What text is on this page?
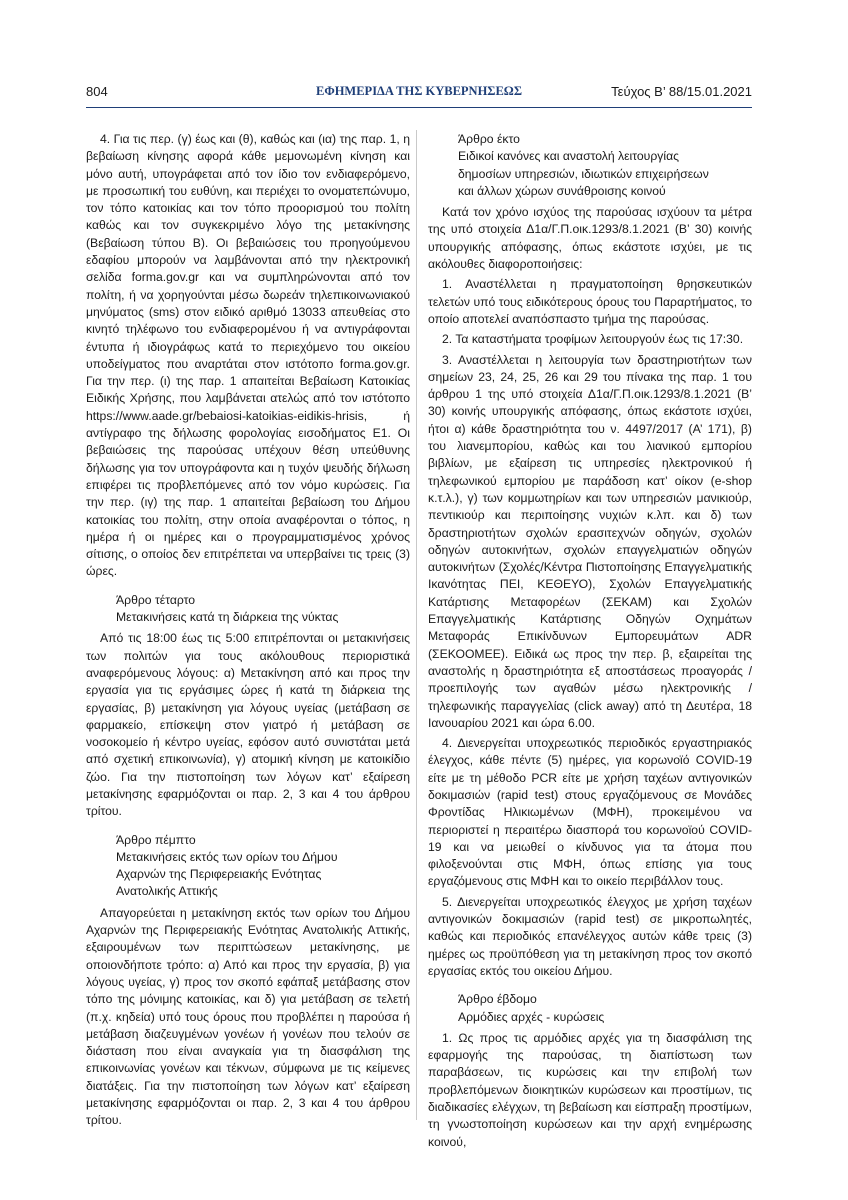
804	ΕΦΗΜΕΡΙΔΑ ΤΗΣ ΚΥΒΕΡΝΗΣΕΩΣ	Τεύχος Β’ 88/15.01.2021

4. Για τις περ. (γ) έως και (θ), καθώς και (ια) της παρ. 1, η βεβαίωση κίνησης αφορά κάθε μεμονωμένη κίνηση και μόνο αυτή, υπογράφεται από τον ίδιο τον ενδιαφερόμενο, με προσωπική του ευθύνη, και περιέχει το ονοματεπώνυμο, τον τόπο κατοικίας και τον τόπο προορισμού του πολίτη καθώς και τον συγκεκριμένο λόγο της μετακίνησης (Βεβαίωση τύπου Β). Οι βεβαιώσεις του προηγούμενου εδαφίου μπορούν να λαμβάνονται από την ηλεκτρονική σελίδα forma.gov.gr και να συμπληρώνονται από τον πολίτη, ή να χορηγούνται μέσω δωρεάν τηλεπικοινωνιακού μηνύματος (sms) στον ειδικό αριθμό 13033 απευθείας στο κινητό τηλέφωνο του ενδιαφερομένου ή να αντιγράφονται έντυπα ή ιδιογράφως κατά το περιεχόμενο του οικείου υποδείγματος που αναρτάται στον ιστότοπο forma.gov.gr. Για την περ. (ι) της παρ. 1 απαιτείται Βεβαίωση Κατοικίας Ειδικής Χρήσης, που λαμβάνεται ατελώς από τον ιστότοπο https://www.aade.gr/bebaiosi-katoikias-eidikis-hrisis, ή αντίγραφο της δήλωσης φορολογίας εισοδήματος Ε1. Οι βεβαιώσεις της παρούσας υπέχουν θέση υπεύθυνης δήλωσης για τον υπογράφοντα και η τυχόν ψευδής δήλωση επιφέρει τις προβλεπόμενες από τον νόμο κυρώσεις. Για την περ. (ιγ) της παρ. 1 απαιτείται βεβαίωση του Δήμου κατοικίας του πολίτη, στην οποία αναφέρονται ο τόπος, η ημέρα ή οι ημέρες και ο προγραμματισμένος χρόνος σίτισης, ο οποίος δεν επιτρέπεται να υπερβαίνει τις τρεις (3) ώρες.

Άρθρο τέταρτο
Μετακινήσεις κατά τη διάρκεια της νύκτας

Από τις 18:00 έως τις 5:00 επιτρέπονται οι μετακινήσεις των πολιτών για τους ακόλουθους περιοριστικά αναφερόμενους λόγους: α) Μετακίνηση από και προς την εργασία για τις εργάσιμες ώρες ή κατά τη διάρκεια της εργασίας, β) μετακίνηση για λόγους υγείας (μετάβαση σε φαρμακείο, επίσκεψη στον γιατρό ή μετάβαση σε νοσοκομείο ή κέντρο υγείας, εφόσον αυτό συνιστάται μετά από σχετική επικοινωνία), γ) ατομική κίνηση με κατοικίδιο ζώο. Για την πιστοποίηση των λόγων κατ’ εξαίρεση μετακίνησης εφαρμόζονται οι παρ. 2, 3 και 4 του άρθρου τρίτου.

Άρθρο πέμπτο
Μετακινήσεις εκτός των ορίων του Δήμου
Αχαρνών της Περιφερειακής Ενότητας
Ανατολικής Αττικής

Απαγορεύεται η μετακίνηση εκτός των ορίων του Δήμου Αχαρνών της Περιφερειακής Ενότητας Ανατολικής Αττικής, εξαιρουμένων των περιπτώσεων μετακίνησης, με οποιονδήποτε τρόπο: α) Από και προς την εργασία, β) για λόγους υγείας, γ) προς τον σκοπό εφάπαξ μετάβασης στον τόπο της μόνιμης κατοικίας, και δ) για μετάβαση σε τελετή (π.χ. κηδεία) υπό τους όρους που προβλέπει η παρούσα ή μετάβαση διαζευγμένων γονέων ή γονέων που τελούν σε διάσταση που είναι αναγκαία για τη διασφάλιση της επικοινωνίας γονέων και τέκνων, σύμφωνα με τις κείμενες διατάξεις. Για την πιστοποίηση των λόγων κατ’ εξαίρεση μετακίνησης εφαρμόζονται οι παρ. 2, 3 και 4 του άρθρου τρίτου.

Άρθρο έκτο
Ειδικοί κανόνες και αναστολή λειτουργίας
δημοσίων υπηρεσιών, ιδιωτικών επιχειρήσεων
και άλλων χώρων συνάθροισης κοινού

Κατά τον χρόνο ισχύος της παρούσας ισχύουν τα μέτρα της υπό στοιχεία Δ1α/Γ.Π.οικ.1293/8.1.2021 (Β’ 30) κοινής υπουργικής απόφασης, όπως εκάστοτε ισχύει, με τις ακόλουθες διαφοροποιήσεις:

1. Αναστέλλεται η πραγματοποίηση θρησκευτικών τελετών υπό τους ειδικότερους όρους του Παραρτήματος, το οποίο αποτελεί αναπόσπαστο τμήμα της παρούσας.

2. Τα καταστήματα τροφίμων λειτουργούν έως τις 17:30.

3. Αναστέλλεται η λειτουργία των δραστηριοτήτων των σημείων 23, 24, 25, 26 και 29 του πίνακα της παρ. 1 του άρθρου 1 της υπό στοιχεία Δ1α/Γ.Π.οικ.1293/8.1.2021 (Β’ 30) κοινής υπουργικής απόφασης, όπως εκάστοτε ισχύει, ήτοι α) κάθε δραστηριότητα του ν. 4497/2017 (Α’ 171), β) του λιανεμπορίου, καθώς και του λιανικού εμπορίου βιβλίων, με εξαίρεση τις υπηρεσίες ηλεκτρονικού ή τηλεφωνικού εμπορίου με παράδοση κατ’ οίκον (e-shop κ.τ.λ.), γ) των κομμωτηρίων και των υπηρεσιών μανικιούρ, πεντικιούρ και περιποίησης νυχιών κ.λπ. και δ) των δραστηριοτήτων σχολών ερασιτεχνών οδηγών, σχολών οδηγών αυτοκινήτων, σχολών επαγγελματιών οδηγών αυτοκινήτων (Σχολές/Κέντρα Πιστοποίησης Επαγγελματικής Ικανότητας ΠΕΙ, ΚΕΘΕΥΟ), Σχολών Επαγγελματικής Κατάρτισης Μεταφορέων (ΣΕΚΑΜ) και Σχολών Επαγγελματικής Κατάρτισης Οδηγών Οχημάτων Μεταφοράς Επικίνδυνων Εμπορευμάτων ADR (ΣΕΚΟΟΜΕΕ). Ειδικά ως προς την περ. β, εξαιρείται της αναστολής η δραστηριότητα εξ αποστάσεως προαγοράς / προεπιλογής των αγαθών μέσω ηλεκτρονικής / τηλεφωνικής παραγγελίας (click away) από τη Δευτέρα, 18 Ιανουαρίου 2021 και ώρα 6.00.

4. Διενεργείται υποχρεωτικός περιοδικός εργαστηριακός έλεγχος, κάθε πέντε (5) ημέρες, για κορωνοϊό COVID-19 είτε με τη μέθοδο PCR είτε με χρήση ταχέων αντιγονικών δοκιμασιών (rapid test) στους εργαζόμενους σε Μονάδες Φροντίδας Ηλικιωμένων (ΜΦΗ), προκειμένου να περιοριστεί η περαιτέρω διασπορά του κορωνοϊού COVID-19 και να μειωθεί ο κίνδυνος για τα άτομα που φιλοξενούνται στις ΜΦΗ, όπως επίσης για τους εργαζόμενους στις ΜΦΗ και το οικείο περιβάλλον τους.

5. Διενεργείται υποχρεωτικός έλεγχος με χρήση ταχέων αντιγονικών δοκιμασιών (rapid test) σε μικροπωλητές, καθώς και περιοδικός επανέλεγχος αυτών κάθε τρεις (3) ημέρες ως προϋπόθεση για τη μετακίνηση προς τον σκοπό εργασίας εκτός του οικείου Δήμου.

Άρθρο έβδομο
Αρμόδιες αρχές - κυρώσεις

1. Ως προς τις αρμόδιες αρχές για τη διασφάλιση της εφαρμογής της παρούσας, τη διαπίστωση των παραβάσεων, τις κυρώσεις και την επιβολή των προβλεπόμενων διοικητικών κυρώσεων και προστίμων, τις διαδικασίες ελέγχων, τη βεβαίωση και είσπραξη προστίμων, τη γνωστοποίηση κυρώσεων και την αρχή ενημέρωσης κοινού,
